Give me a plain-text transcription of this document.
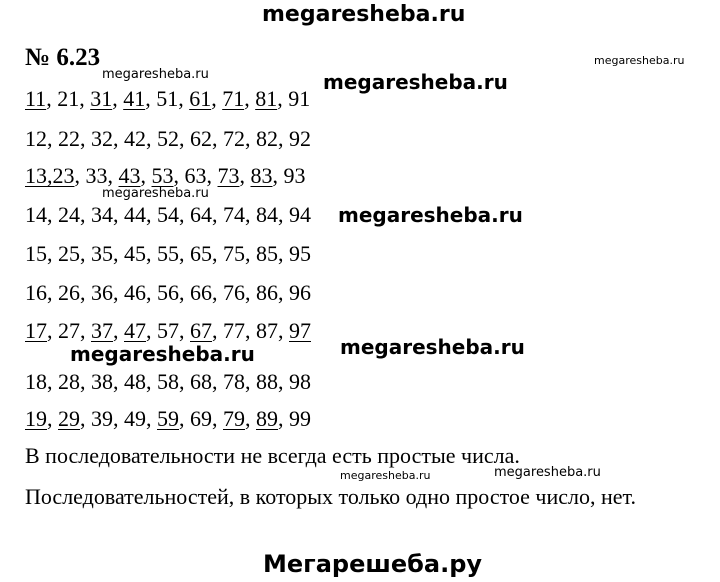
megaresheba.ru
№ 6.23
megaresheba.ru	megaresheba.ru
megaresheba.ru
megaresheba.ru
megaresheba.ru
megaresheba.ru	megaresheba.ru
megaresheba.ru	megaresheba.ru
11, 21, 31, 41, 51, 61, 71, 81, 91
12, 22, 32, 42, 52, 62, 72, 82, 92
13,23, 33, 43, 53, 63, 73, 83, 93
14, 24, 34, 44, 54, 64, 74, 84, 94
15, 25, 35, 45, 55, 65, 75, 85, 95
16, 26, 36, 46, 56, 66, 76, 86, 96
17, 27, 37, 47, 57, 67, 77, 87, 97
18, 28, 38, 48, 58, 68, 78, 88, 98
19, 29, 39, 49, 59, 69, 79, 89, 99
В последовательности не всегда есть простые числа.
Последовательностей, в которых только одно простое число, нет.
Мегарешеба.ру
